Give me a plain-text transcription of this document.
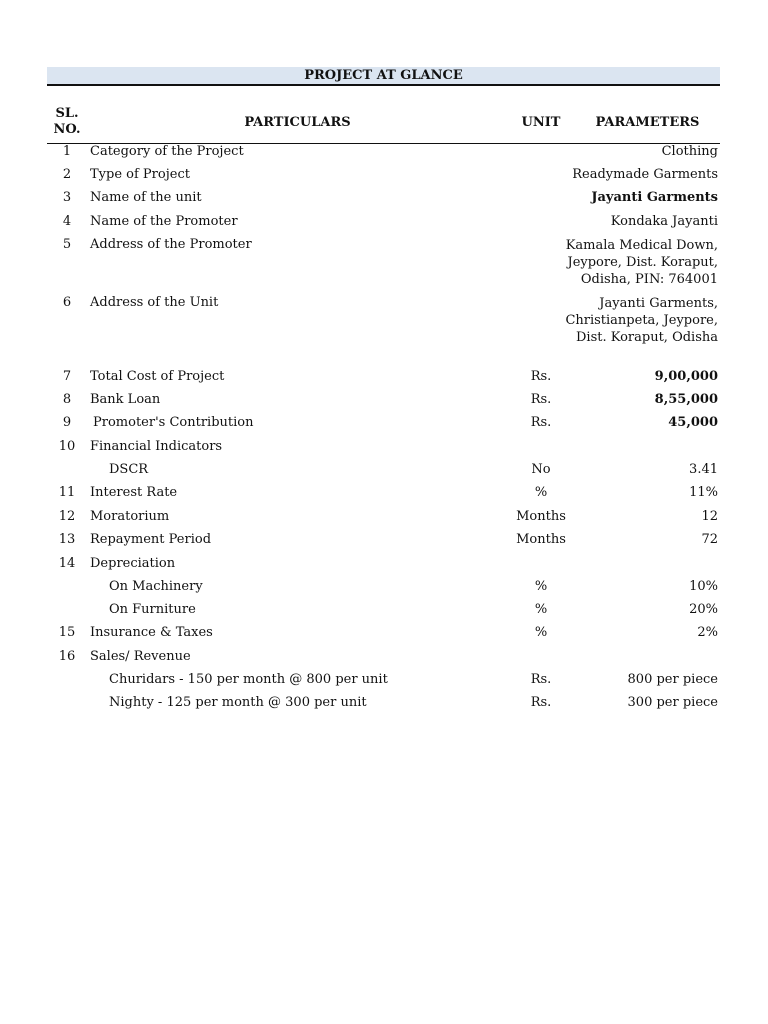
PROJECT AT GLANCE
SL.
NO.	PARTICULARS	UNIT	PARAMETERS
1	Category of the Project	Clothing
2	Type of Project	Readymade Garments
3	Name of the unit	Jayanti Garments
4	Name of the Promoter	Kondaka Jayanti
5	Address of the Promoter	Kamala Medical Down,
Jeypore, Dist. Koraput,
Odisha, PIN: 764001
6	Address of the Unit	Jayanti Garments,
Christianpeta, Jeypore,
Dist. Koraput, Odisha
7	Total Cost of Project	Rs.	9,00,000
8	Bank Loan	Rs.	8,55,000
9	Promoter's Contribution	Rs.	45,000
10	Financial Indicators
DSCR	No	3.41
11	Interest Rate	%	11%
12	Moratorium	Months	12
13	Repayment Period	Months	72
14	Depreciation
On Machinery	%	10%
On Furniture	%	20%
15	Insurance & Taxes	%	2%
16	Sales/ Revenue
Churidars - 150 per month @ 800 per unit	Rs.	800 per piece
Nighty - 125 per month @ 300 per unit	Rs.	300 per piece
